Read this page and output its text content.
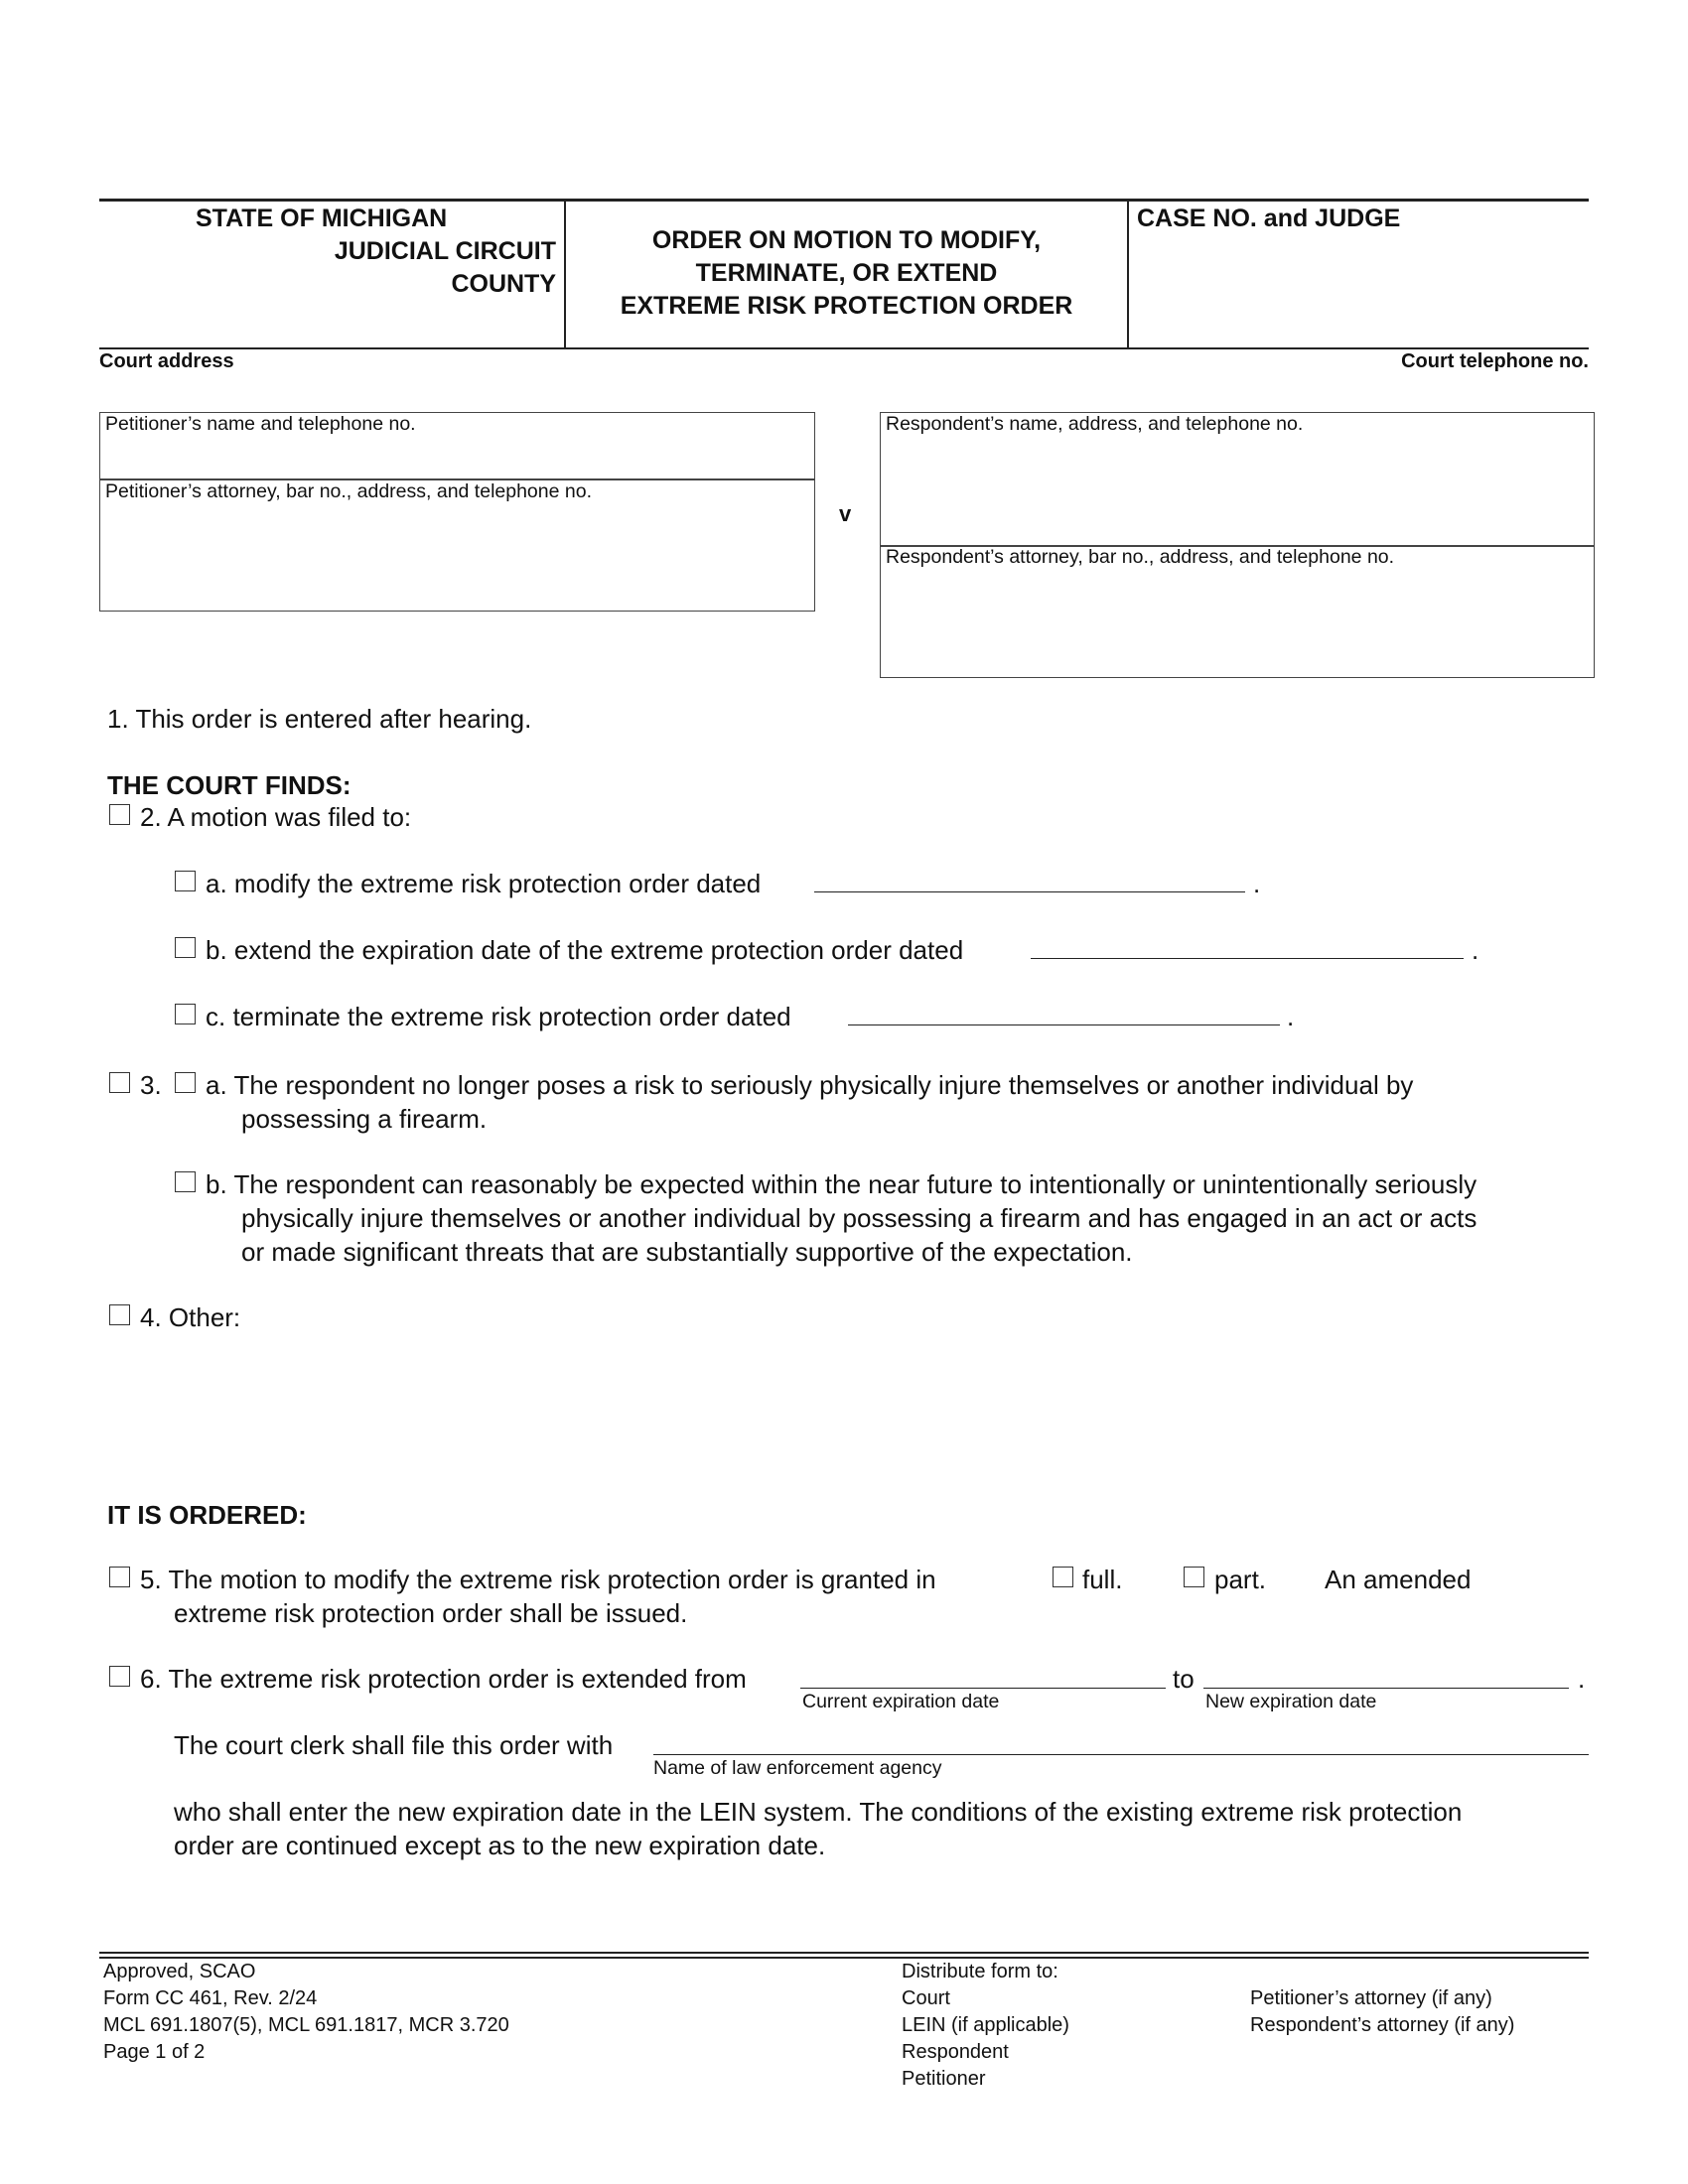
STATE OF MICHIGAN
JUDICIAL CIRCUIT
COUNTY
ORDER ON MOTION TO MODIFY,
TERMINATE, OR EXTEND
EXTREME RISK PROTECTION ORDER
CASE NO. and JUDGE
Court address	Court telephone no.
Petitioner’s name and telephone no.
Petitioner’s attorney, bar no., address, and telephone no.
v
Respondent’s name, address, and telephone no.
Respondent’s attorney, bar no., address, and telephone no.
1. This order is entered after hearing.
THE COURT FINDS:
2. A motion was filed to:
a. modify the extreme risk protection order dated	.
b. extend the expiration date of the extreme protection order dated	.
c. terminate the extreme risk protection order dated	.
3. a. The respondent no longer poses a risk to seriously physically injure themselves or another individual by
possessing a firearm.
b. The respondent can reasonably be expected within the near future to intentionally or unintentionally seriously
physically injure themselves or another individual by possessing a firearm and has engaged in an act or acts
or made significant threats that are substantially supportive of the expectation.
4. Other:
IT IS ORDERED:
5. The motion to modify the extreme risk protection order is granted in	full.	part. An amended
extreme risk protection order shall be issued.
6. The extreme risk protection order is extended from
Current expiration date
to
New expiration date
.
The court clerk shall file this order with
Name of law enforcement agency
who shall enter the new expiration date in the LEIN system. The conditions of the existing extreme risk protection
order are continued except as to the new expiration date.
Approved, SCAO
Form CC 461, Rev. 2/24
MCL 691.1807(5), MCL 691.1817, MCR 3.720
Page 1 of 2
Distribute form to:
Court
LEIN (if applicable)
Respondent
Petitioner
Petitioner’s attorney (if any)
Respondent’s attorney (if any)
